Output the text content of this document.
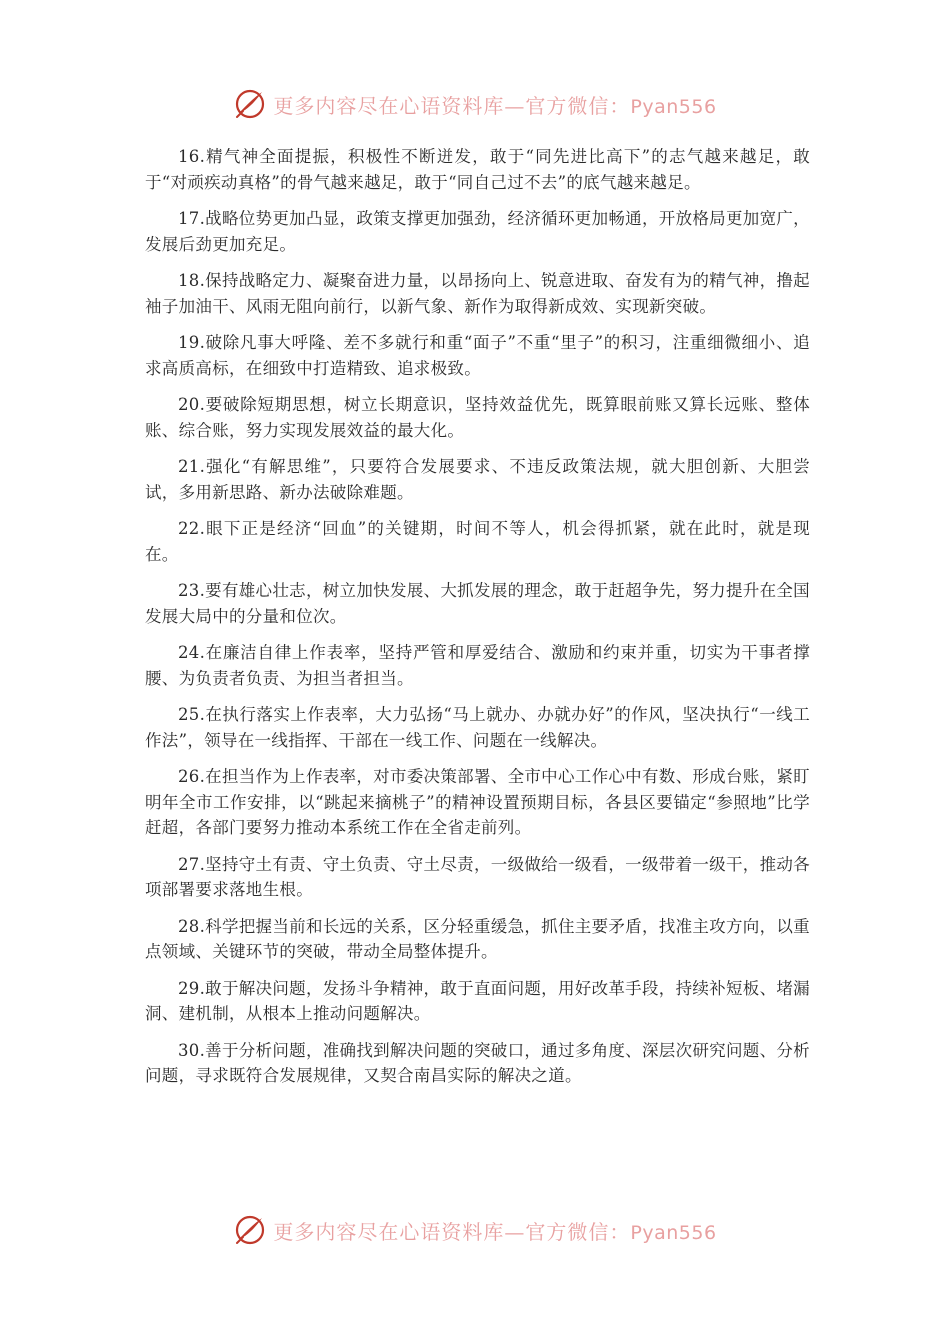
更多内容尽在心语资料库—官方微信：Pyan556

16.精气神全面提振，积极性不断迸发，敢于“同先进比高下”的志气越来越足，敢于“对顽疾动真格”的骨气越来越足，敢于“同自己过不去”的底气越来越足。

17.战略位势更加凸显，政策支撑更加强劲，经济循环更加畅通，开放格局更加宽广，发展后劲更加充足。

18.保持战略定力、凝聚奋进力量，以昂扬向上、锐意进取、奋发有为的精气神，撸起袖子加油干、风雨无阻向前行，以新气象、新作为取得新成效、实现新突破。

19.破除凡事大呼隆、差不多就行和重“面子”不重“里子”的积习，注重细微细小、追求高质高标，在细致中打造精致、追求极致。

20.要破除短期思想，树立长期意识，坚持效益优先，既算眼前账又算长远账、整体账、综合账，努力实现发展效益的最大化。

21.强化“有解思维”，只要符合发展要求、不违反政策法规，就大胆创新、大胆尝试，多用新思路、新办法破除难题。

22.眼下正是经济“回血”的关键期，时间不等人，机会得抓紧，就在此时，就是现在。

23.要有雄心壮志，树立加快发展、大抓发展的理念，敢于赶超争先，努力提升在全国发展大局中的分量和位次。

24.在廉洁自律上作表率，坚持严管和厚爱结合、激励和约束并重，切实为干事者撑腰、为负责者负责、为担当者担当。

25.在执行落实上作表率，大力弘扬“马上就办、办就办好”的作风，坚决执行“一线工作法”，领导在一线指挥、干部在一线工作、问题在一线解决。

26.在担当作为上作表率，对市委决策部署、全市中心工作心中有数、形成台账，紧盯明年全市工作安排，以“跳起来摘桃子”的精神设置预期目标，各县区要锚定“参照地”比学赶超，各部门要努力推动本系统工作在全省走前列。

27.坚持守土有责、守土负责、守土尽责，一级做给一级看，一级带着一级干，推动各项部署要求落地生根。

28.科学把握当前和长远的关系，区分轻重缓急，抓住主要矛盾，找准主攻方向，以重点领域、关键环节的突破，带动全局整体提升。

29.敢于解决问题，发扬斗争精神，敢于直面问题，用好改革手段，持续补短板、堵漏洞、建机制，从根本上推动问题解决。

30.善于分析问题，准确找到解决问题的突破口，通过多角度、深层次研究问题、分析问题，寻求既符合发展规律，又契合南昌实际的解决之道。

更多内容尽在心语资料库—官方微信：Pyan556
